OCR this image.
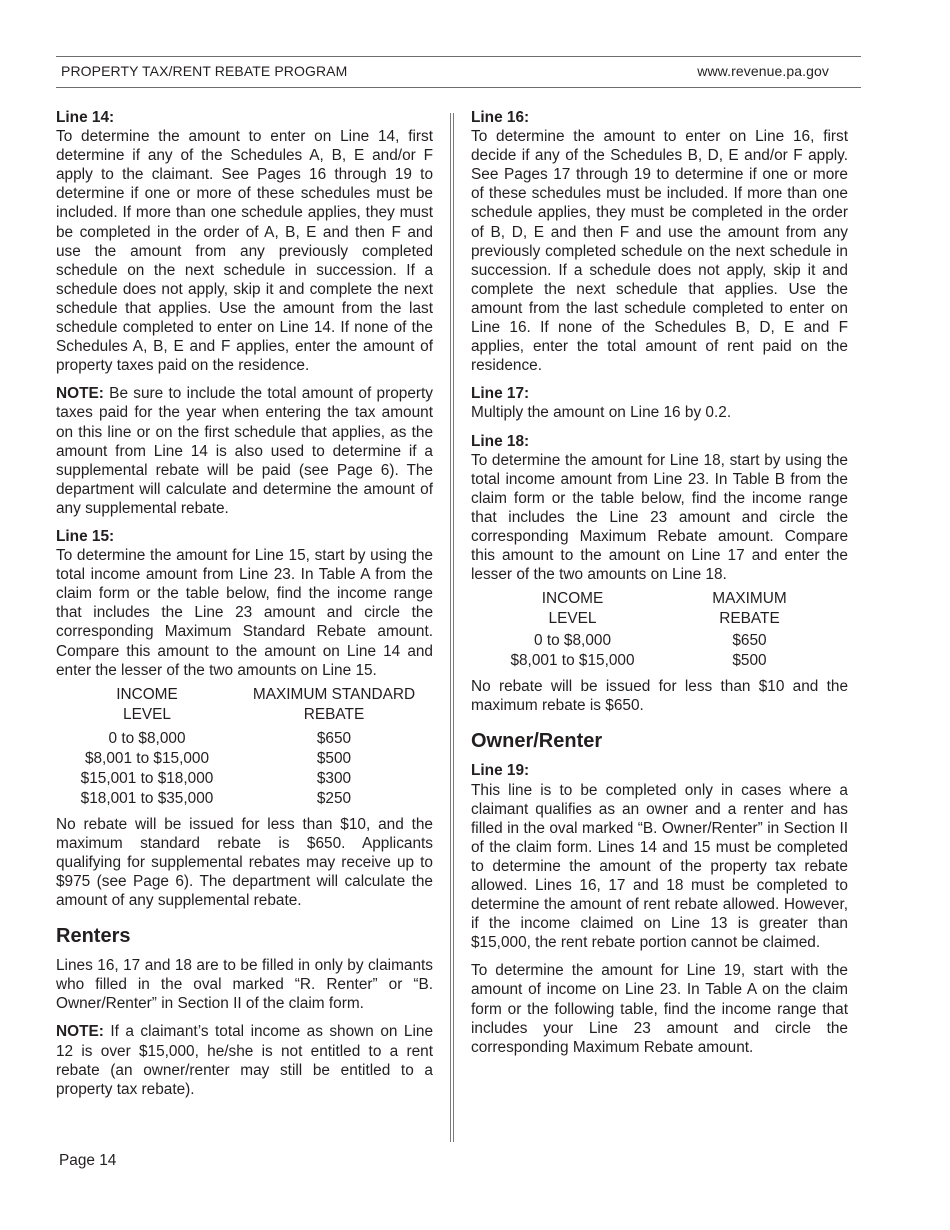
PROPERTY TAX/RENT REBATE PROGRAM	www.revenue.pa.gov
Line 14:

To determine the amount to enter on Line 14, first determine if any of the Schedules A, B, E and/or F apply to the claimant. See Pages 16 through 19 to determine if one or more of these schedules must be included. If more than one schedule applies, they must be completed in the order of A, B, E and then F and use the amount from any previously completed schedule on the next schedule in succession. If a schedule does not apply, skip it and complete the next schedule that applies. Use the amount from the last schedule completed to enter on Line 14. If none of the Schedules A, B, E and F applies, enter the amount of property taxes paid on the residence.

NOTE: Be sure to include the total amount of property taxes paid for the year when entering the tax amount on this line or on the first schedule that applies, as the amount from Line 14 is also used to determine if a supplemental rebate will be paid (see Page 6). The department will calculate and determine the amount of any supplemental rebate.

Line 15:

To determine the amount for Line 15, start by using the total income amount from Line 23. In Table A from the claim form or the table below, find the income range that includes the Line 23 amount and circle the corresponding Maximum Standard Rebate amount. Compare this amount to the amount on Line 14 and enter the lesser of the two amounts on Line 15.

INCOME	MAXIMUM STANDARD
LEVEL	REBATE

0 to $8,000	$650
$8,001 to $15,000	$500
$15,001 to $18,000	$300
$18,001 to $35,000	$250

No rebate will be issued for less than $10, and the maximum standard rebate is $650. Applicants qualifying for supplemental rebates may receive up to $975 (see Page 6). The department will calculate the amount of any supplemental rebate.

Renters

Lines 16, 17 and 18 are to be filled in only by claimants who filled in the oval marked “R. Renter” or “B. Owner/Renter” in Section II of the claim form.

NOTE: If a claimant’s total income as shown on Line 12 is over $15,000, he/she is not entitled to a rent rebate (an owner/renter may still be entitled to a property tax rebate).

Line 16:

To determine the amount to enter on Line 16, first decide if any of the Schedules B, D, E and/or F apply. See Pages 17 through 19 to determine if one or more of these schedules must be included. If more than one schedule applies, they must be completed in the order of B, D, E and then F and use the amount from any previously completed schedule on the next schedule in succession. If a schedule does not apply, skip it and complete the next schedule that applies. Use the amount from the last schedule completed to enter on Line 16. If none of the Schedules B, D, E and F applies, enter the total amount of rent paid on the residence.

Line 17:

Multiply the amount on Line 16 by 0.2.

Line 18:

To determine the amount for Line 18, start by using the total income amount from Line 23. In Table B from the claim form or the table below, find the income range that includes the Line 23 amount and circle the corresponding Maximum Rebate amount. Compare this amount to the amount on Line 17 and enter the lesser of the two amounts on Line 18.

INCOME	MAXIMUM
LEVEL	REBATE

0 to $8,000	$650
$8,001 to $15,000	$500

No rebate will be issued for less than $10 and the maximum rebate is $650.

Owner/Renter
Line 19:

This line is to be completed only in cases where a claimant qualifies as an owner and a renter and has filled in the oval marked “B. Owner/Renter” in Section II of the claim form. Lines 14 and 15 must be completed to determine the amount of the property tax rebate allowed. Lines 16, 17 and 18 must be completed to determine the amount of rent rebate allowed. However, if the income claimed on Line 13 is greater than $15,000, the rent rebate portion cannot be claimed.

To determine the amount for Line 19, start with the amount of income on Line 23. In Table A on the claim form or the following table, find the income range that includes your Line 23 amount and circle the corresponding Maximum Rebate amount.

Page 14
